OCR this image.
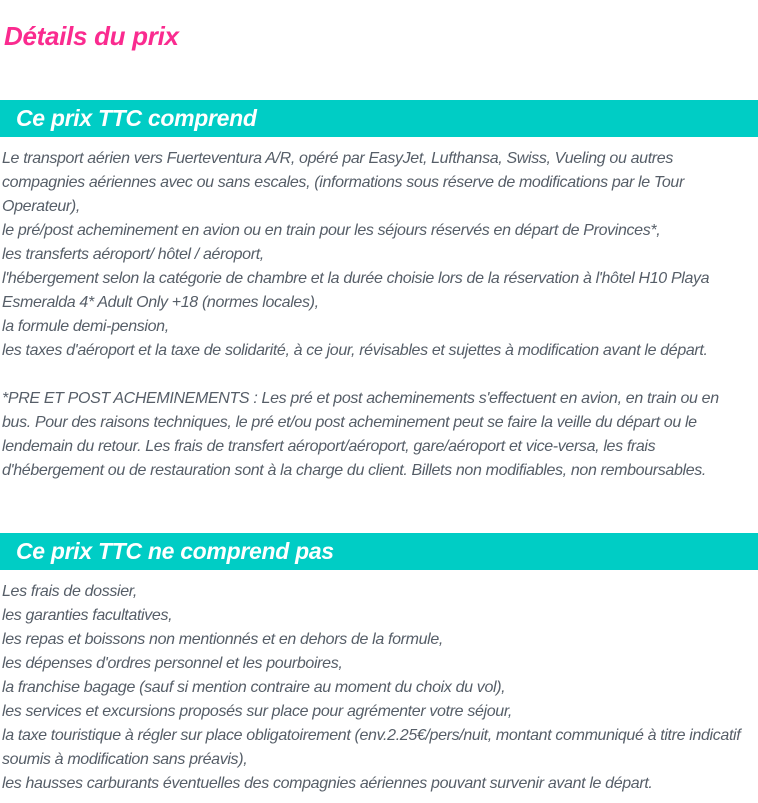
Détails du prix
Ce prix TTC comprend
Le transport aérien vers Fuerteventura A/R, opéré par EasyJet, Lufthansa, Swiss, Vueling ou autres compagnies aériennes avec ou sans escales, (informations sous réserve de modifications par le Tour Operateur),
le pré/post acheminement en avion ou en train pour les séjours réservés en départ de Provinces*,
les transferts aéroport/ hôtel / aéroport,
l'hébergement selon la catégorie de chambre et la durée choisie lors de la réservation à l'hôtel H10 Playa Esmeralda 4* Adult Only +18 (normes locales),
la formule demi-pension,
les taxes d'aéroport et la taxe de solidarité, à ce jour, révisables et sujettes à modification avant le départ.

*PRE ET POST ACHEMINEMENTS : Les pré et post acheminements s'effectuent en avion, en train ou en bus. Pour des raisons techniques, le pré et/ou post acheminement peut se faire la veille du départ ou le lendemain du retour. Les frais de transfert aéroport/aéroport, gare/aéroport et vice-versa, les frais d'hébergement ou de restauration sont à la charge du client. Billets non modifiables, non remboursables.

Ce prix TTC ne comprend pas
Les frais de dossier,
les garanties facultatives,
les repas et boissons non mentionnés et en dehors de la formule,
les dépenses d'ordres personnel et les pourboires,
la franchise bagage (sauf si mention contraire au moment du choix du vol),
les services et excursions proposés sur place pour agrémenter votre séjour,
la taxe touristique à régler sur place obligatoirement (env.2.25€/pers/nuit, montant communiqué à titre indicatif soumis à modification sans préavis),
les hausses carburants éventuelles des compagnies aériennes pouvant survenir avant le départ.
